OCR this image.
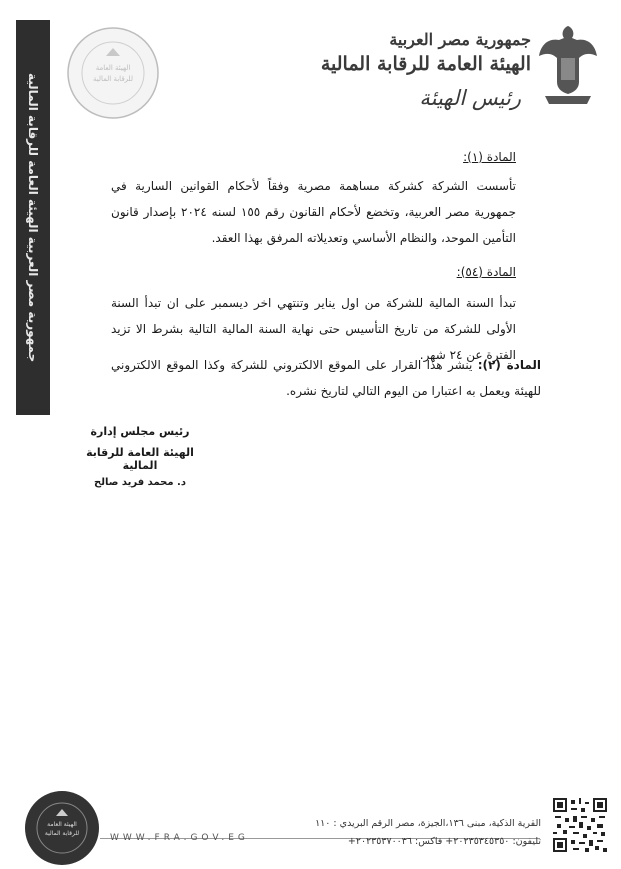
جمهورية مصر العربية الهيئة العامة للرقابة المالية
الهيئة العامة
للرقابة المالية
جمهورية مصر العربية
الهيئة العامة للرقابة المالية
رئيس الهيئة
المادة (١):
تأسست الشركة كشركة مساهمة مصرية وفقاً لأحكام القوانين السارية في جمهورية مصر العربية، وتخضع لأحكام القانون رقم ١٥٥ لسنه ٢٠٢٤ بإصدار قانون التأمين الموحد، والنظام الأساسي وتعديلاته المرفق بهذا العقد.
المادة (٥٤):
تبدأ السنة المالية للشركة من اول يناير وتنتهي اخر ديسمبر على ان تبدأ السنة الأولى للشركة من تاريخ التأسيس حتى نهاية السنة المالية التالية بشرط الا تزيد الفترة عن ٢٤ شهر.
المادة (٢): ينشر هذا القرار على الموقع الالكتروني للشركة وكذا الموقع الالكتروني للهيئة ويعمل به اعتبارا من اليوم التالي لتاريخ نشره.
رئيس مجلس إدارة
الهيئة العامة للرقابة المالية
د. محمد فريد صالح
الهيئة العامة
للرقابة المالية	WWW.FRA.GOV.EG
القرية الذكية، مبنى ١٣٦،الجيزة، مصر الرقم البريدي : ١١٠
تليفون: ٢٠٢٣٥٣٤٥٣٥٠+ فاكس: ٢٠٢٣٥٣٧٠٠٣٦+
